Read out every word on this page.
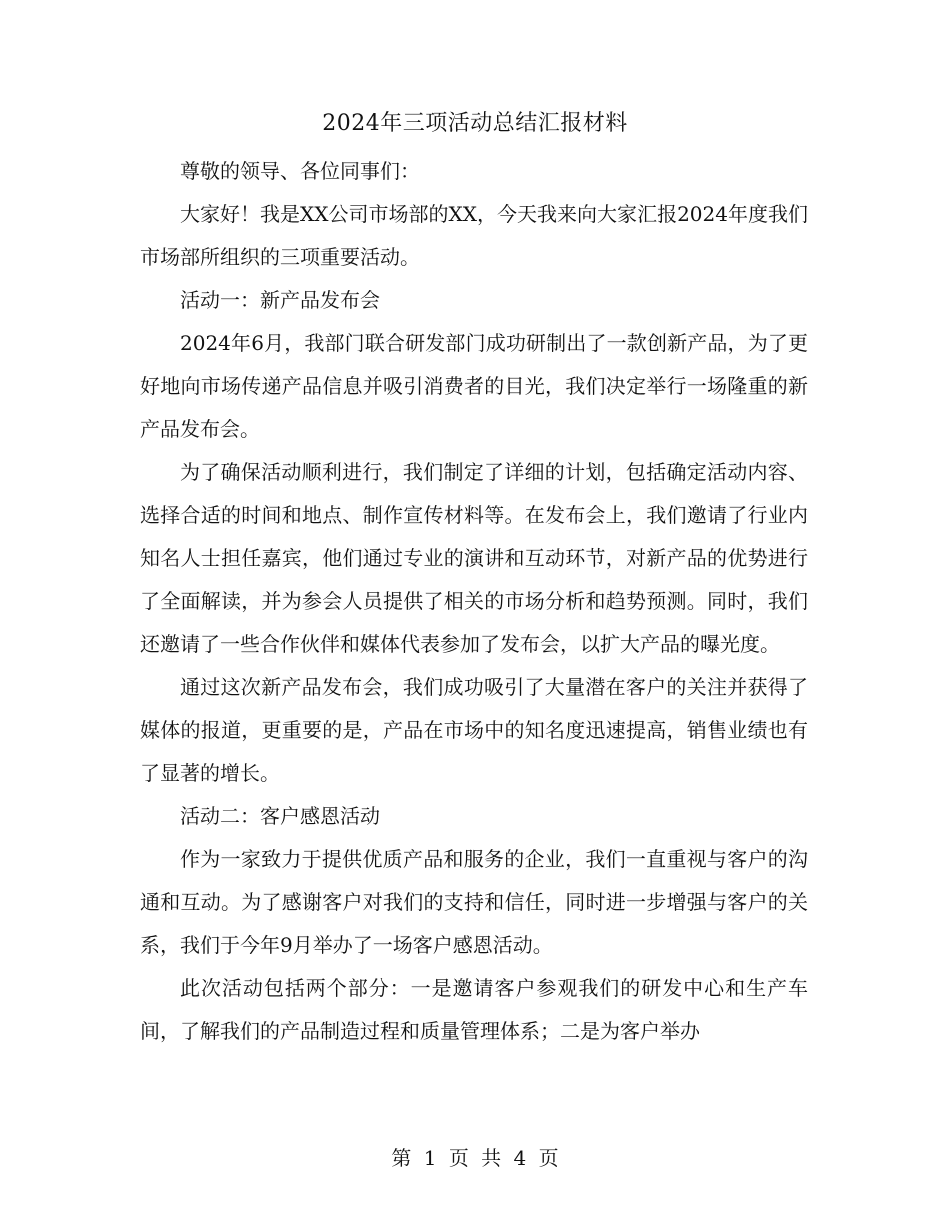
2024年三项活动总结汇报材料

尊敬的领导、各位同事们：

大家好！我是XX公司市场部的XX，今天我来向大家汇报2024年度我们市场部所组织的三项重要活动。

活动一：新产品发布会

2024年6月，我部门联合研发部门成功研制出了一款创新产品，为了更好地向市场传递产品信息并吸引消费者的目光，我们决定举行一场隆重的新产品发布会。

为了确保活动顺利进行，我们制定了详细的计划，包括确定活动内容、选择合适的时间和地点、制作宣传材料等。在发布会上，我们邀请了行业内知名人士担任嘉宾，他们通过专业的演讲和互动环节，对新产品的优势进行了全面解读，并为参会人员提供了相关的市场分析和趋势预测。同时，我们还邀请了一些合作伙伴和媒体代表参加了发布会，以扩大产品的曝光度。

通过这次新产品发布会，我们成功吸引了大量潜在客户的关注并获得了媒体的报道，更重要的是，产品在市场中的知名度迅速提高，销售业绩也有了显著的增长。

活动二：客户感恩活动

作为一家致力于提供优质产品和服务的企业，我们一直重视与客户的沟通和互动。为了感谢客户对我们的支持和信任，同时进一步增强与客户的关系，我们于今年9月举办了一场客户感恩活动。

此次活动包括两个部分：一是邀请客户参观我们的研发中心和生产车间，了解我们的产品制造过程和质量管理体系；二是为客户举办

第 1 页 共 4 页
